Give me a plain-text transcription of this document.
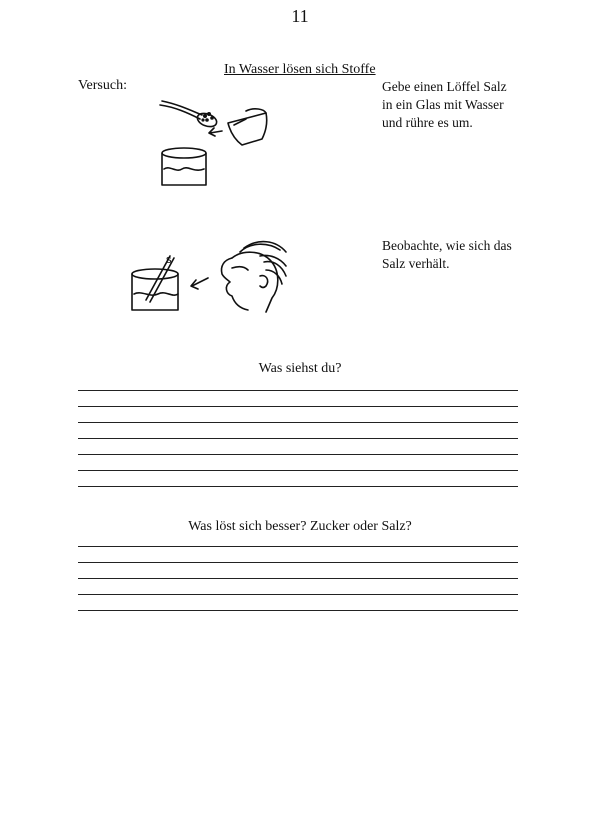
11
In Wasser lösen sich Stoffe
Versuch:	Gebe einen Löffel Salz
in ein Glas mit Wasser
und rühre es um.
Beobachte, wie sich das
Salz verhält.
s
Was siehst du?
Was löst sich besser? Zucker oder Salz?
